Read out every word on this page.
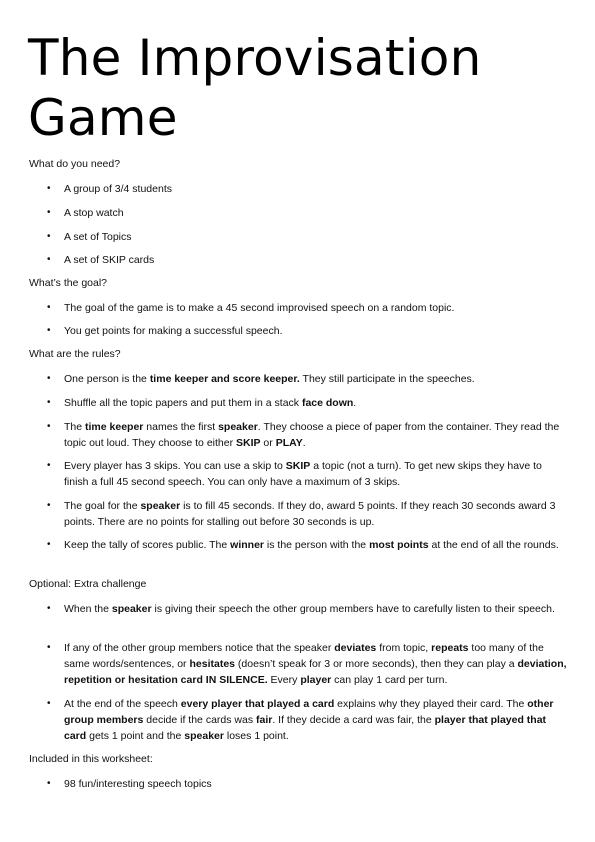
The Improvisation
Game

What do you need?

•	A group of 3/4 students
•	A stop watch
•	A set of Topics
•	A set of SKIP cards

What’s the goal?

•	The goal of the game is to make a 45 second improvised speech on a random topic.
•	You get points for making a successful speech.

What are the rules?

•	One person is the time keeper and score keeper. They still participate in the speeches.
•	Shuffle all the topic papers and put them in a stack face down.
•	The time keeper names the first speaker. They choose a piece of paper from the container. They read the topic out loud. They choose to either SKIP or PLAY.
•	Every player has 3 skips. You can use a skip to SKIP a topic (not a turn). To get new skips they have to finish a full 45 second speech. You can only have a maximum of 3 skips.
•	The goal for the speaker is to fill 45 seconds. If they do, award 5 points. If they reach 30 seconds award 3 points. There are no points for stalling out before 30 seconds is up.
•	Keep the tally of scores public. The winner is the person with the most points at the end of all the rounds.

Optional: Extra challenge

•	When the speaker is giving their speech the other group members have to carefully listen to their speech.
•	If any of the other group members notice that the speaker deviates from topic, repeats too many of the same words/sentences, or hesitates (doesn’t speak for 3 or more seconds), then they can play a deviation, repetition or hesitation card IN SILENCE. Every player can play 1 card per turn.
•	At the end of the speech every player that played a card explains why they played their card. The other group members decide if the cards was fair. If they decide a card was fair, the player that played that card gets 1 point and the speaker loses 1 point.

Included in this worksheet:

•	98 fun/interesting speech topics
